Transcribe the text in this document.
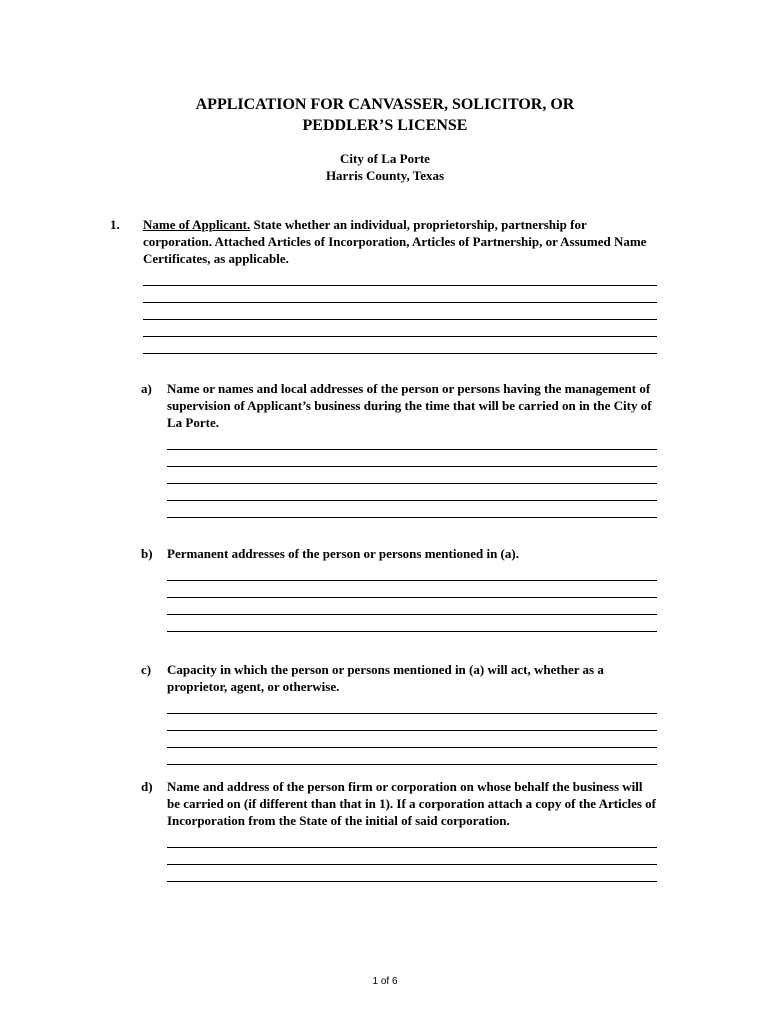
APPLICATION FOR CANVASSER, SOLICITOR, OR
PEDDLER’S LICENSE
City of La Porte
Harris County, Texas
1. Name of Applicant. State whether an individual, proprietorship, partnership for corporation. Attached Articles of Incorporation, Articles of Partnership, or Assumed Name Certificates, as applicable.

a) Name or names and local addresses of the person or persons having the management of supervision of Applicant’s business during the time that will be carried on in the City of La Porte.

b) Permanent addresses of the person or persons mentioned in (a).

c) Capacity in which the person or persons mentioned in (a) will act, whether as a proprietor, agent, or otherwise.

d) Name and address of the person firm or corporation on whose behalf the business will be carried on (if different than that in 1). If a corporation attach a copy of the Articles of Incorporation from the State of the initial of said corporation.

1 of 6
